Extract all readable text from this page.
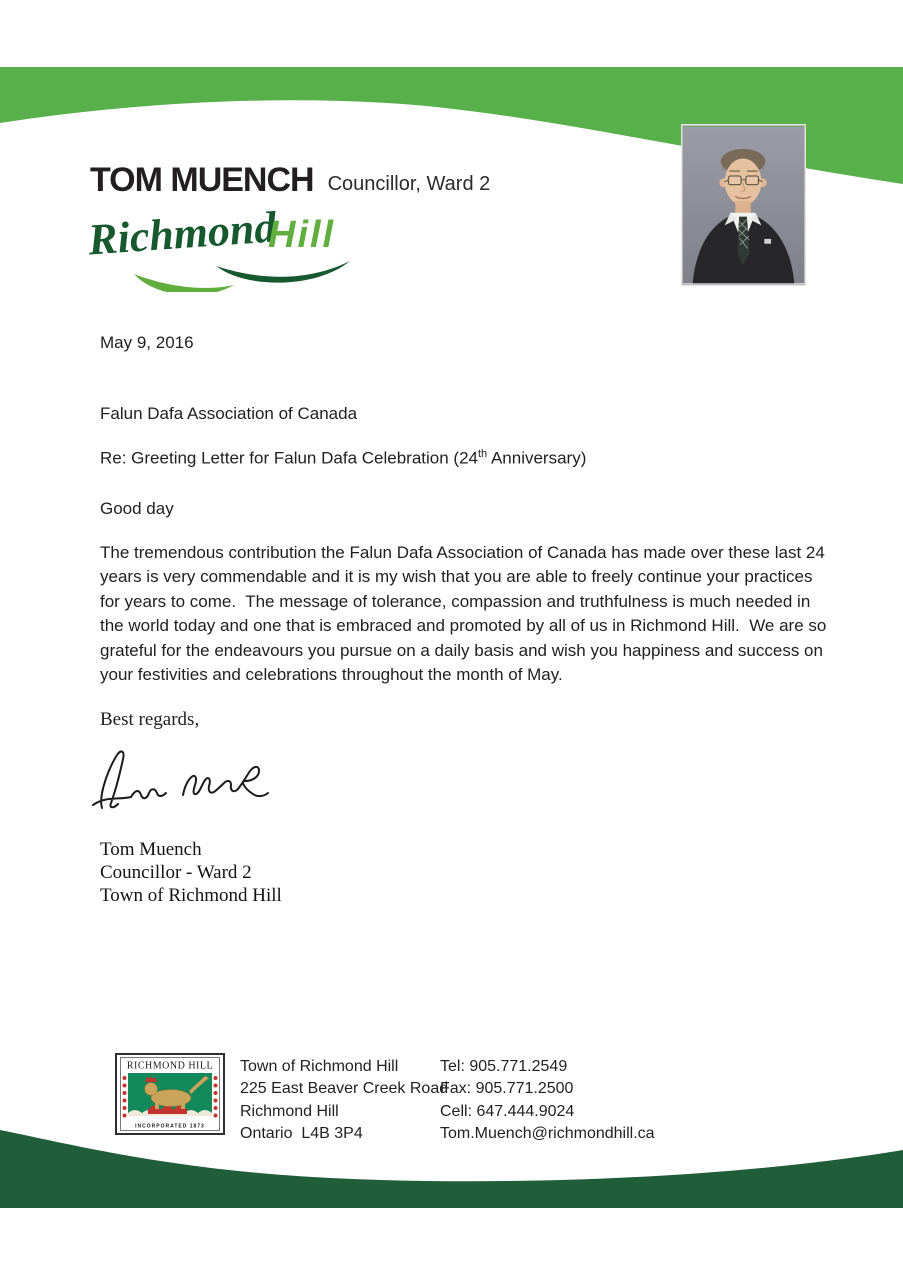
TOM MUENCH Councillor, Ward 2
Richmond
Hill
May 9, 2016
Falun Dafa Association of Canada
Re: Greeting Letter for Falun Dafa Celebration (24th Anniversary)
Good day
The tremendous contribution the Falun Dafa Association of Canada has made over these last 24
years is very commendable and it is my wish that you are able to freely continue your practices
for years to come.  The message of tolerance, compassion and truthfulness is much needed in
the world today and one that is embraced and promoted by all of us in Richmond Hill.  We are so
grateful for the endeavours you pursue on a daily basis and wish you happiness and success on
your festivities and celebrations throughout the month of May.
Best regards,
Tom Muench
Councillor - Ward 2
Town of Richmond Hill
RICHMOND HILL
INCORPORATED 1873
Town of Richmond Hill
225 East Beaver Creek Road
Richmond Hill
Ontario  L4B 3P4
Tel: 905.771.2549
Fax: 905.771.2500
Cell: 647.444.9024
Tom.Muench@richmondhill.ca
